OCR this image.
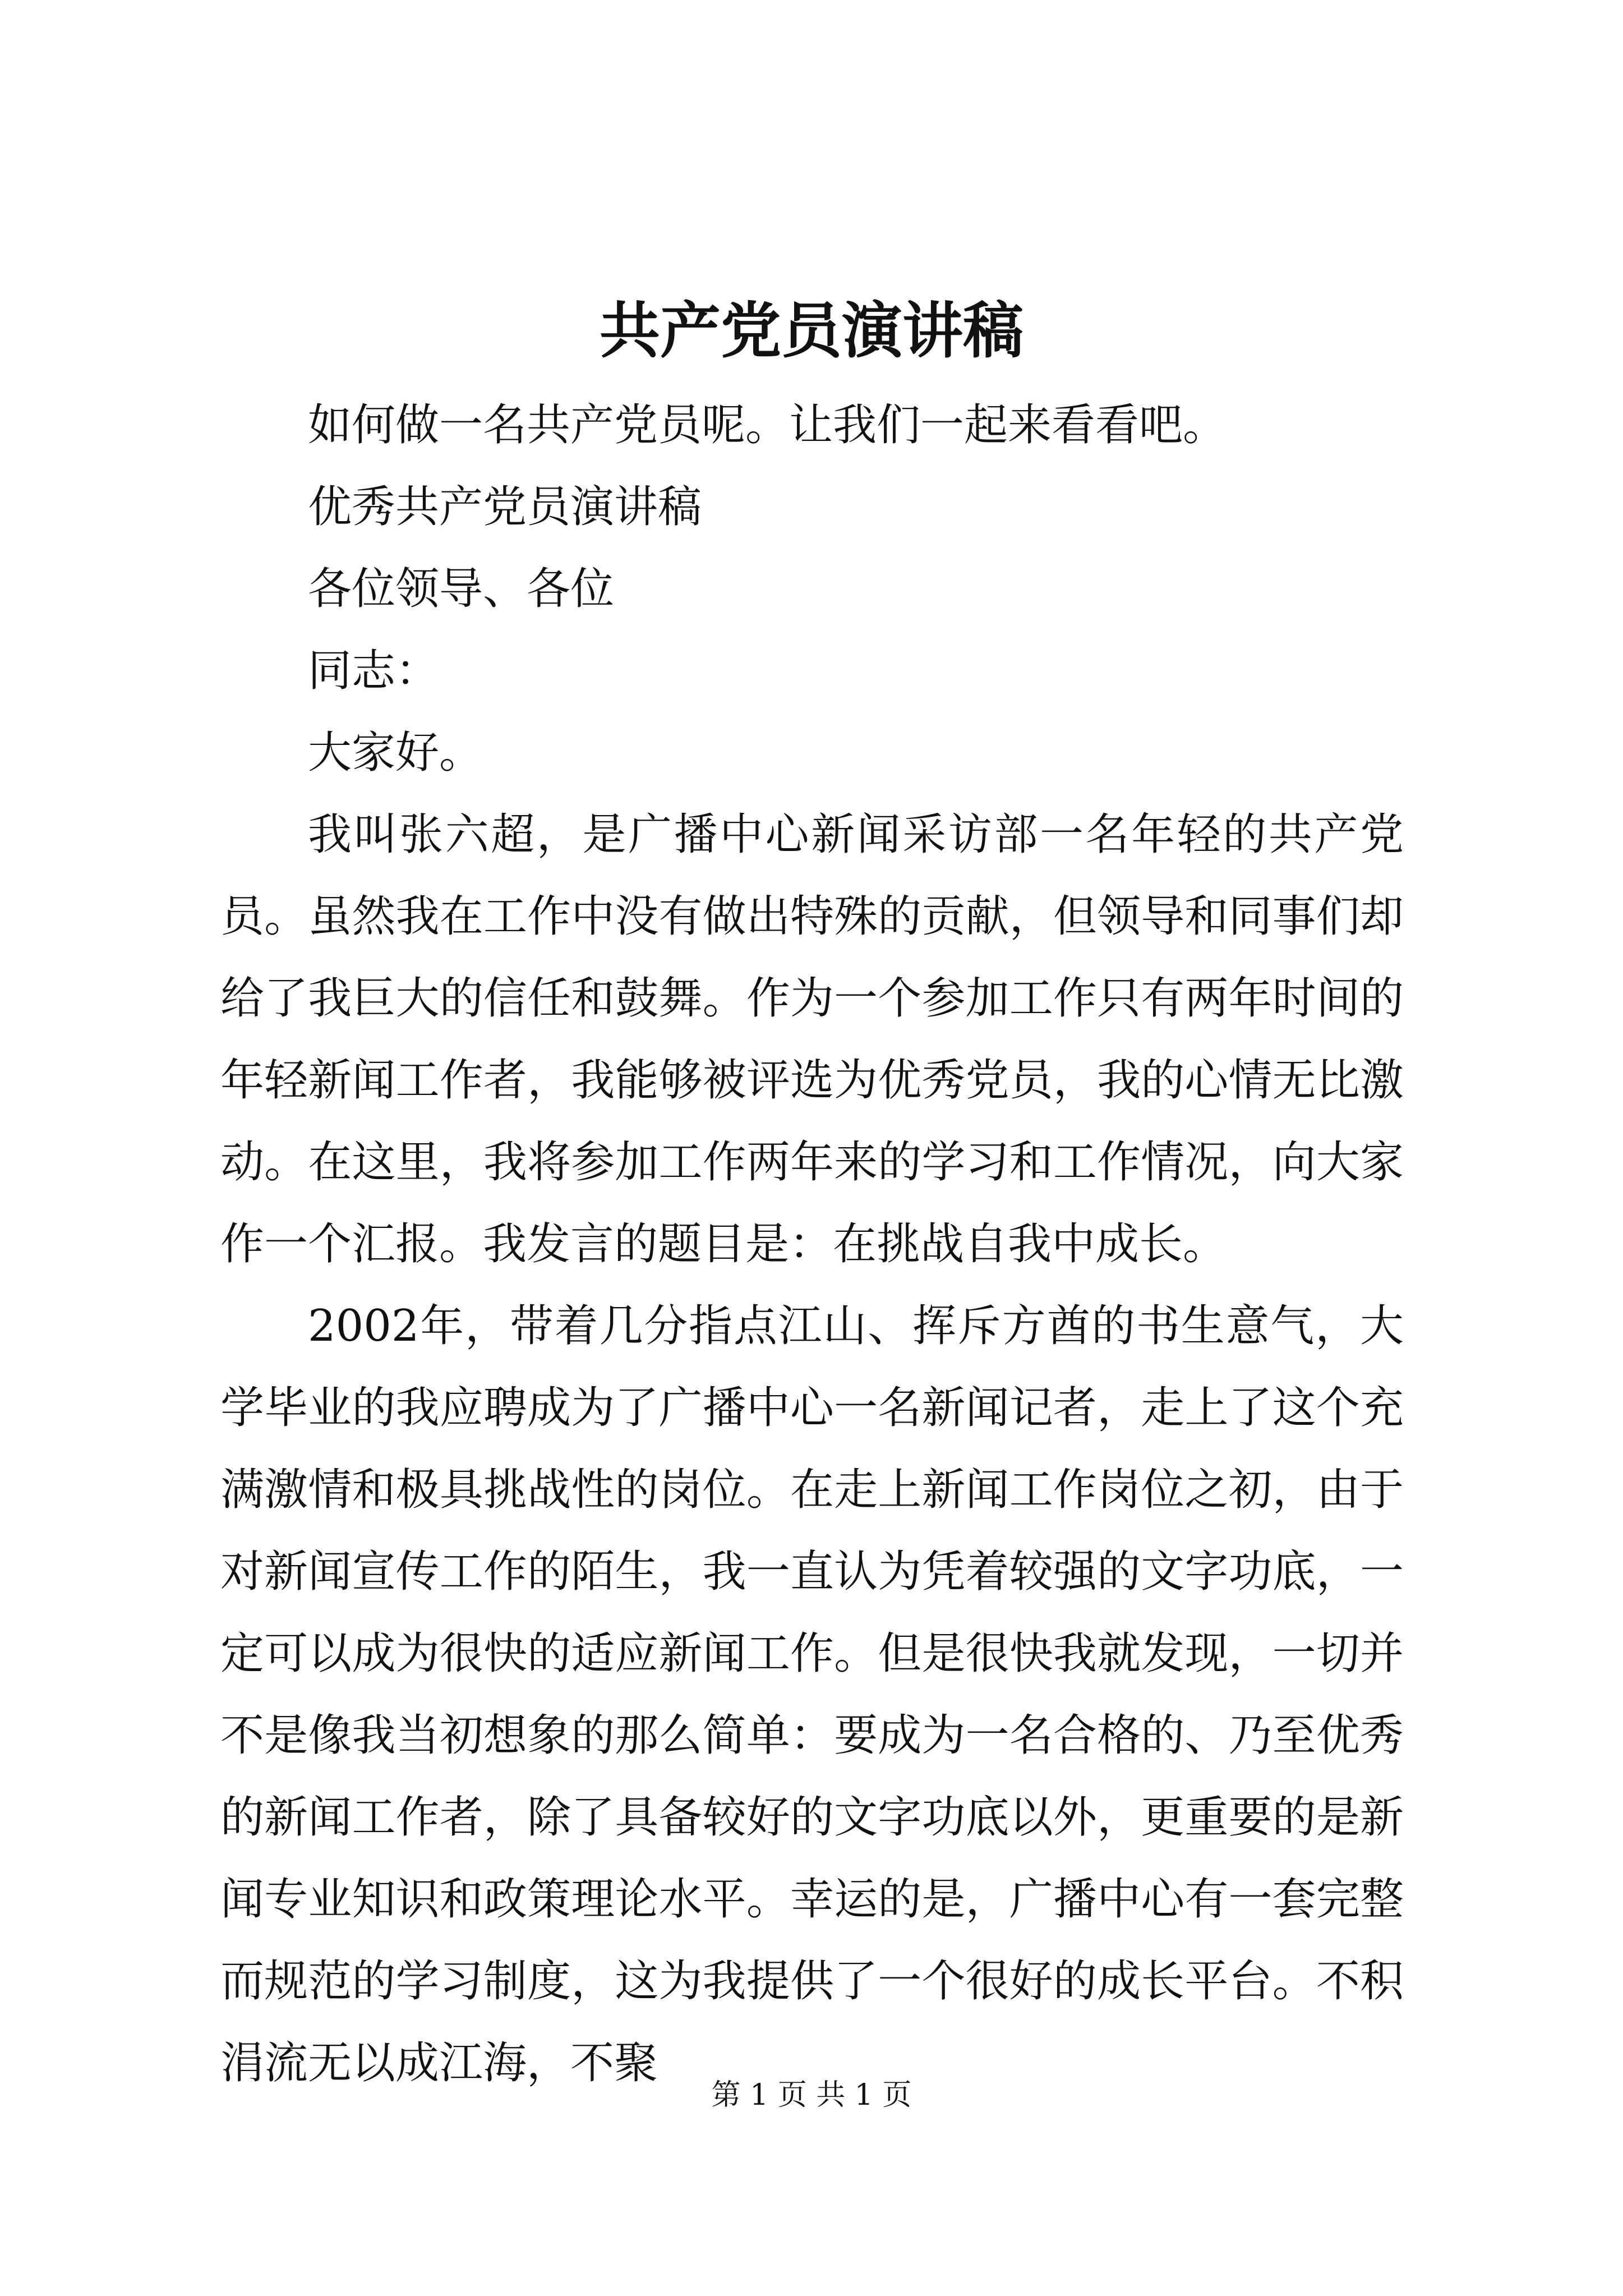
共产党员演讲稿

如何做一名共产党员呢。让我们一起来看看吧。

优秀共产党员演讲稿

各位领导、各位

同志：

大家好。

我叫张六超，是广播中心新闻采访部一名年轻的共产党员。虽然我在工作中没有做出特殊的贡献，但领导和同事们却给了我巨大的信任和鼓舞。作为一个参加工作只有两年时间的年轻新闻工作者，我能够被评选为优秀党员，我的心情无比激动。在这里，我将参加工作两年来的学习和工作情况，向大家作一个汇报。我发言的题目是：在挑战自我中成长。

2002年，带着几分指点江山、挥斥方酋的书生意气，大学毕业的我应聘成为了广播中心一名新闻记者，走上了这个充满激情和极具挑战性的岗位。在走上新闻工作岗位之初，由于对新闻宣传工作的陌生，我一直认为凭着较强的文字功底，一定可以成为很快的适应新闻工作。但是很快我就发现，一切并不是像我当初想象的那么简单：要成为一名合格的、乃至优秀的新闻工作者，除了具备较好的文字功底以外，更重要的是新闻专业知识和政策理论水平。幸运的是，广播中心有一套完整而规范的学习制度，这为我提供了一个很好的成长平台。不积涓流无以成江海，不聚

第 1 页 共 1 页
